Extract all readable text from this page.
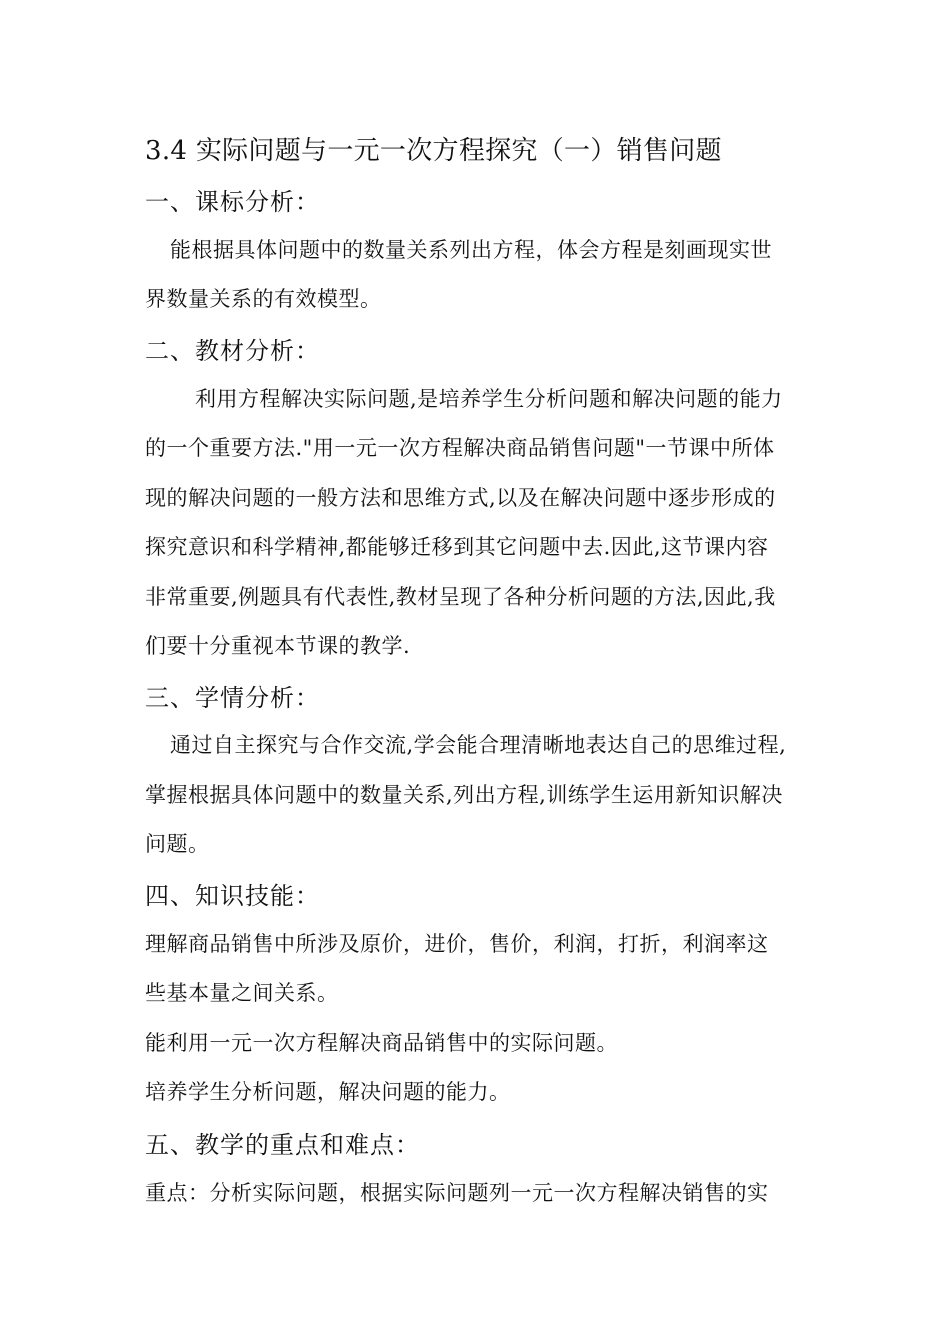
3.4 实际问题与一元一次方程探究（一）销售问题
一、课标分析：
能根据具体问题中的数量关系列出方程，体会方程是刻画现实世
界数量关系的有效模型。
二、教材分析：
利用方程解决实际问题,是培养学生分析问题和解决问题的能力
的一个重要方法."用一元一次方程解决商品销售问题"一节课中所体
现的解决问题的一般方法和思维方式,以及在解决问题中逐步形成的
探究意识和科学精神,都能够迁移到其它问题中去.因此,这节课内容
非常重要,例题具有代表性,教材呈现了各种分析问题的方法,因此,我
们要十分重视本节课的教学.
三、学情分析：
通过自主探究与合作交流,学会能合理清晰地表达自己的思维过程,
掌握根据具体问题中的数量关系,列出方程,训练学生运用新知识解决
问题。
四、知识技能：
理解商品销售中所涉及原价，进价，售价，利润，打折，利润率这
些基本量之间关系。
能利用一元一次方程解决商品销售中的实际问题。
培养学生分析问题，解决问题的能力。
五、教学的重点和难点：
重点：分析实际问题，根据实际问题列一元一次方程解决销售的实
